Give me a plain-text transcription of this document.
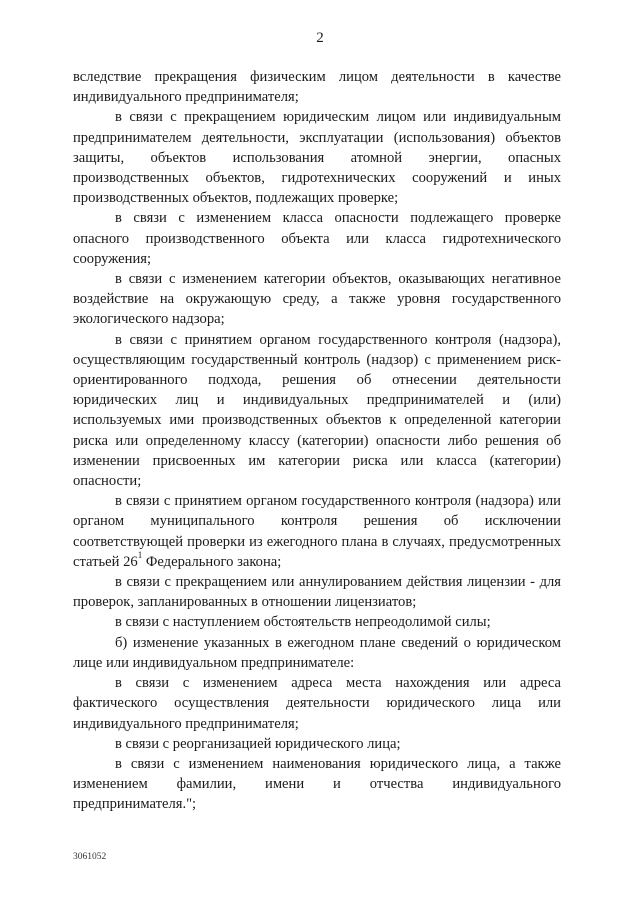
2

вследствие прекращения физическим лицом деятельности в качестве индивидуального предпринимателя;

в связи с прекращением юридическим лицом или индивидуальным предпринимателем деятельности, эксплуатации (использования) объектов защиты, объектов использования атомной энергии, опасных производственных объектов, гидротехнических сооружений и иных производственных объектов, подлежащих проверке;

в связи с изменением класса опасности подлежащего проверке опасного производственного объекта или класса гидротехнического сооружения;

в связи с изменением категории объектов, оказывающих негативное воздействие на окружающую среду, а также уровня государственного экологического надзора;

в связи с принятием органом государственного контроля (надзора), осуществляющим государственный контроль (надзор) с применением риск-ориентированного подхода, решения об отнесении деятельности юридических лиц и индивидуальных предпринимателей и (или) используемых ими производственных объектов к определенной категории риска или определенному классу (категории) опасности либо решения об изменении присвоенных им категории риска или класса (категории) опасности;

в связи с принятием органом государственного контроля (надзора) или органом муниципального контроля решения об исключении соответствующей проверки из ежегодного плана в случаях, предусмотренных статьей $26^1$ Федерального закона;

в связи с прекращением или аннулированием действия лицензии - для проверок, запланированных в отношении лицензиатов;

в связи с наступлением обстоятельств непреодолимой силы;

б) изменение указанных в ежегодном плане сведений о юридическом лице или индивидуальном предпринимателе:

в связи с изменением адреса места нахождения или адреса фактического осуществления деятельности юридического лица или индивидуального предпринимателя;

в связи с реорганизацией юридического лица;

в связи с изменением наименования юридического лица, а также изменением фамилии, имени и отчества индивидуального предпринимателя.";

3061052
